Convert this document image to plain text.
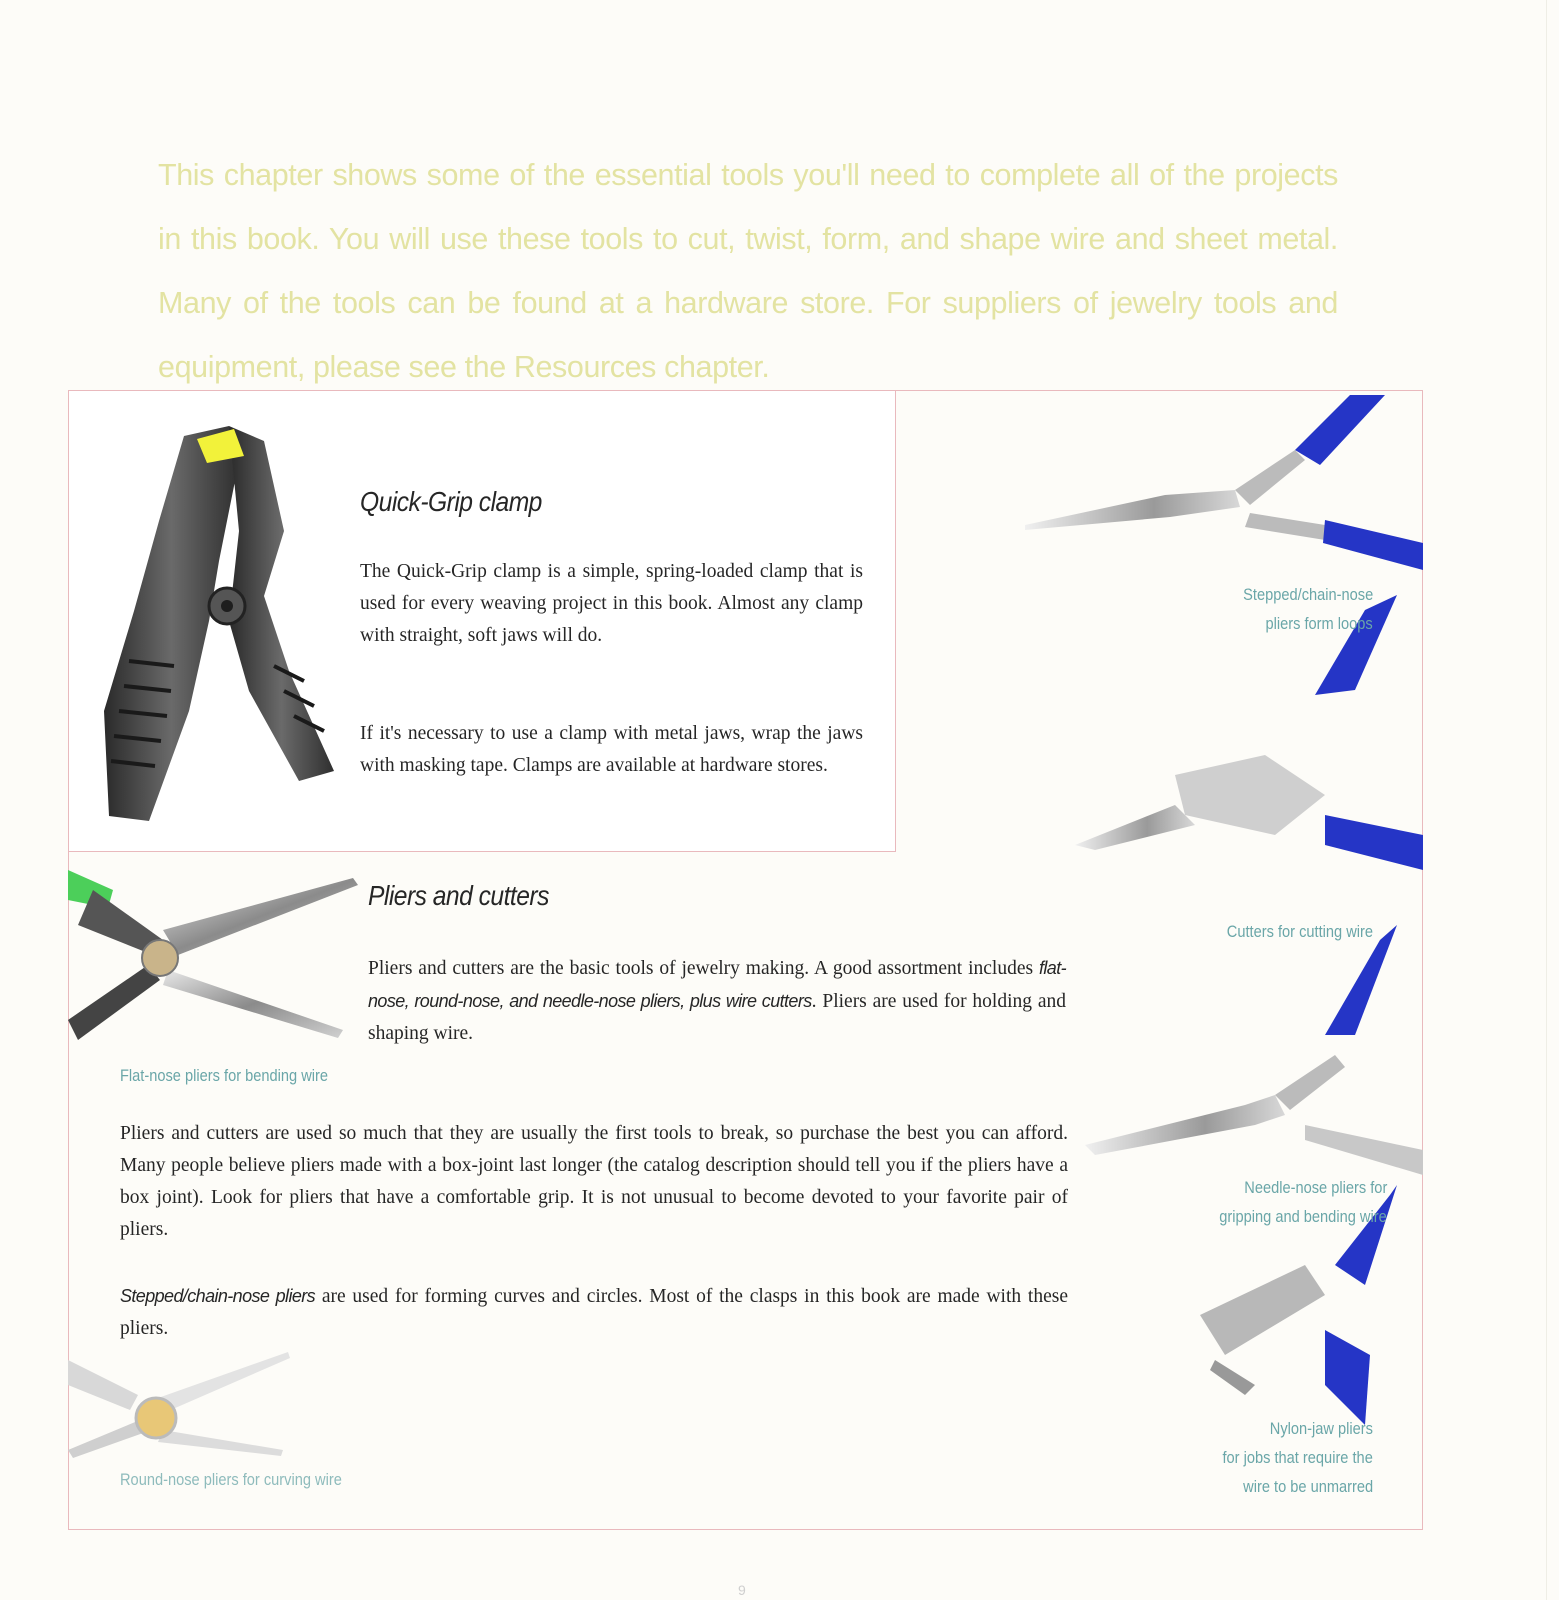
This chapter shows some of the essential tools you'll need to complete all of the projects in this book. You will use these tools to cut, twist, form, and shape wire and sheet metal. Many of the tools can be found at a hardware store. For suppliers of jewelry tools and equipment, please see the Resources chapter.

Quick-Grip clamp

The Quick-Grip clamp is a simple, spring-loaded clamp that is used for every weaving project in this book. Almost any clamp with straight, soft jaws will do.

If it's necessary to use a clamp with metal jaws, wrap the jaws with masking tape. Clamps are available at hardware stores.

Pliers and cutters

Pliers and cutters are the basic tools of jewelry making. A good assortment includes flat-nose, round-nose, and needle-nose pliers, plus wire cutters. Pliers are used for holding and shaping wire.

Flat-nose pliers for bending wire

Pliers and cutters are used so much that they are usually the first tools to break, so purchase the best you can afford. Many people believe pliers made with a box-joint last longer (the catalog description should tell you if the pliers have a box joint). Look for pliers that have a comfortable grip. It is not unusual to become devoted to your favorite pair of pliers.

Stepped/chain-nose pliers are used for forming curves and circles. Most of the clasps in this book are made with these pliers.

Round-nose pliers for curving wire

Stepped/chain-nose

pliers form loops

Cutters for cutting wire

Needle-nose pliers for

gripping and bending wire

Nylon-jaw pliers

for jobs that require the

wire to be unmarred

9
